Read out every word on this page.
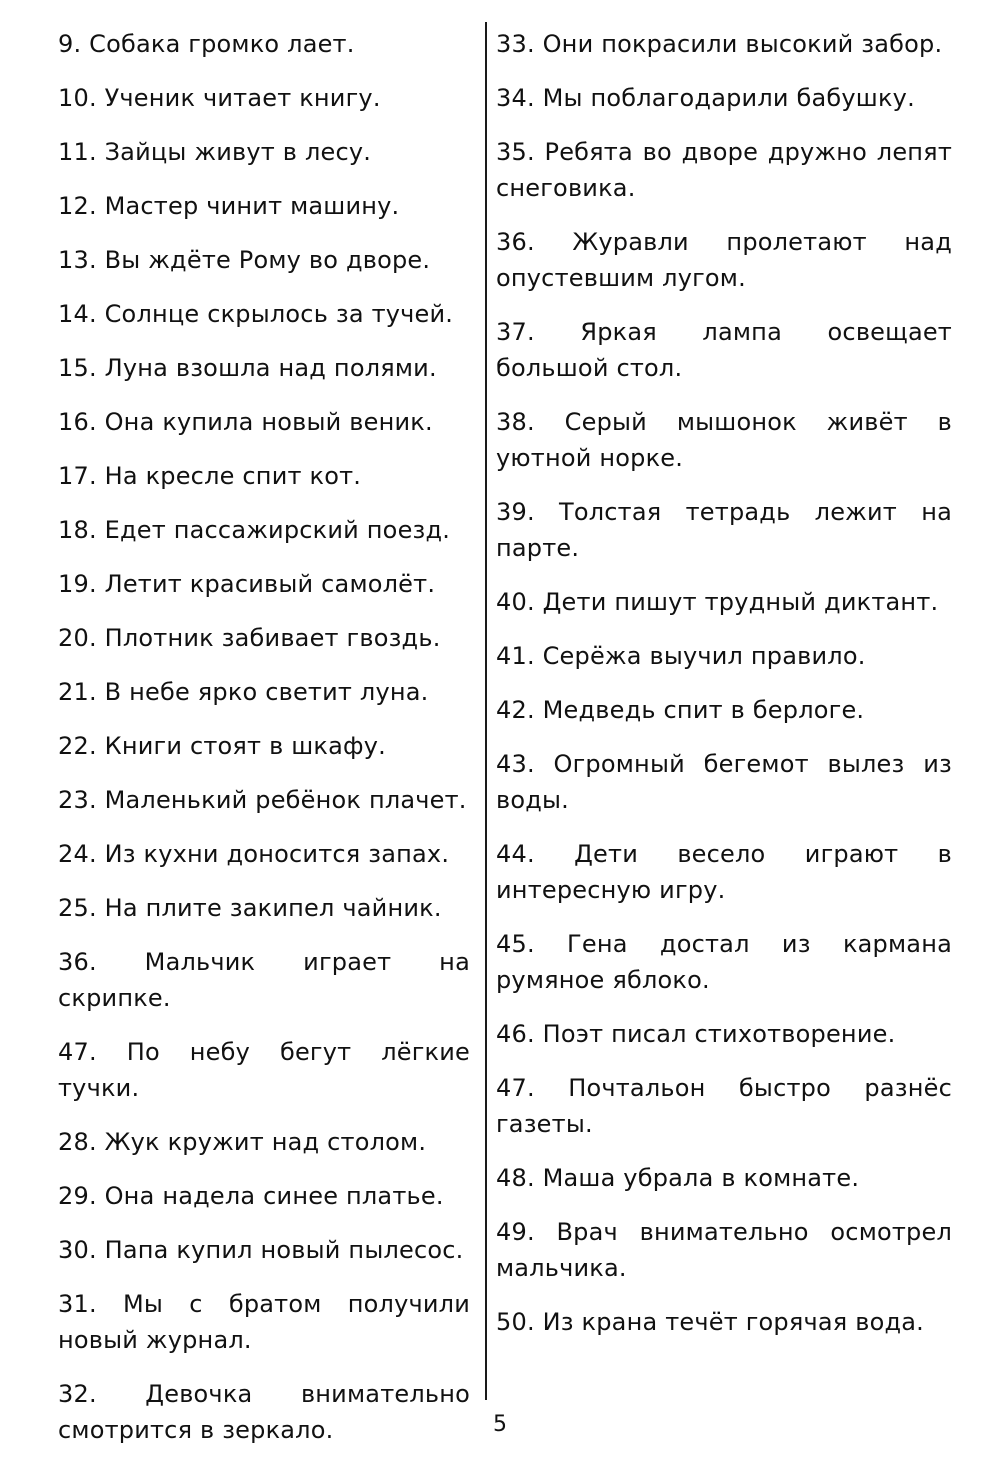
9. Собака громко лает.
10. Ученик читает книгу.
11. Зайцы живут в лесу.
12. Мастер чинит машину.
13. Вы ждёте Рому во дворе.
14. Солнце скрылось за тучей.
15. Луна взошла над полями.
16. Она купила новый веник.
17. На кресле спит кот.
18. Едет пассажирский поезд.
19. Летит красивый самолёт.
20. Плотник забивает гвоздь.
21. В небе ярко светит луна.
22. Книги стоят в шкафу.
23. Маленький ребёнок плачет.
24. Из кухни доносится запах.
25. На плите закипел чайник.
36. Мальчик играет на скрипке.
47. По небу бегут лёгкие тучки.
28. Жук кружит над столом.
29. Она надела синее платье.
30. Папа купил новый пылесос.
31. Мы с братом получили новый журнал.
32. Девочка внимательно смотрится в зеркало.
33. Они покрасили высокий забор.
34. Мы поблагодарили бабушку.
35. Ребята во дворе дружно лепят снеговика.
36. Журавли пролетают над опустевшим лугом.
37. Яркая лампа освещает большой стол.
38. Серый мышонок живёт в уютной норке.
39. Толстая тетрадь лежит на парте.
40. Дети пишут трудный диктант.
41. Серёжа выучил правило.
42. Медведь спит в берлоге.
43. Огромный бегемот вылез из воды.
44. Дети весело играют в интересную игру.
45. Гена достал из кармана румяное яблоко.
46. Поэт писал стихотворение.
47. Почтальон быстро разнёс газеты.
48. Маша убрала в комнате.
49. Врач внимательно осмотрел мальчика.
50. Из крана течёт горячая вода.
5
